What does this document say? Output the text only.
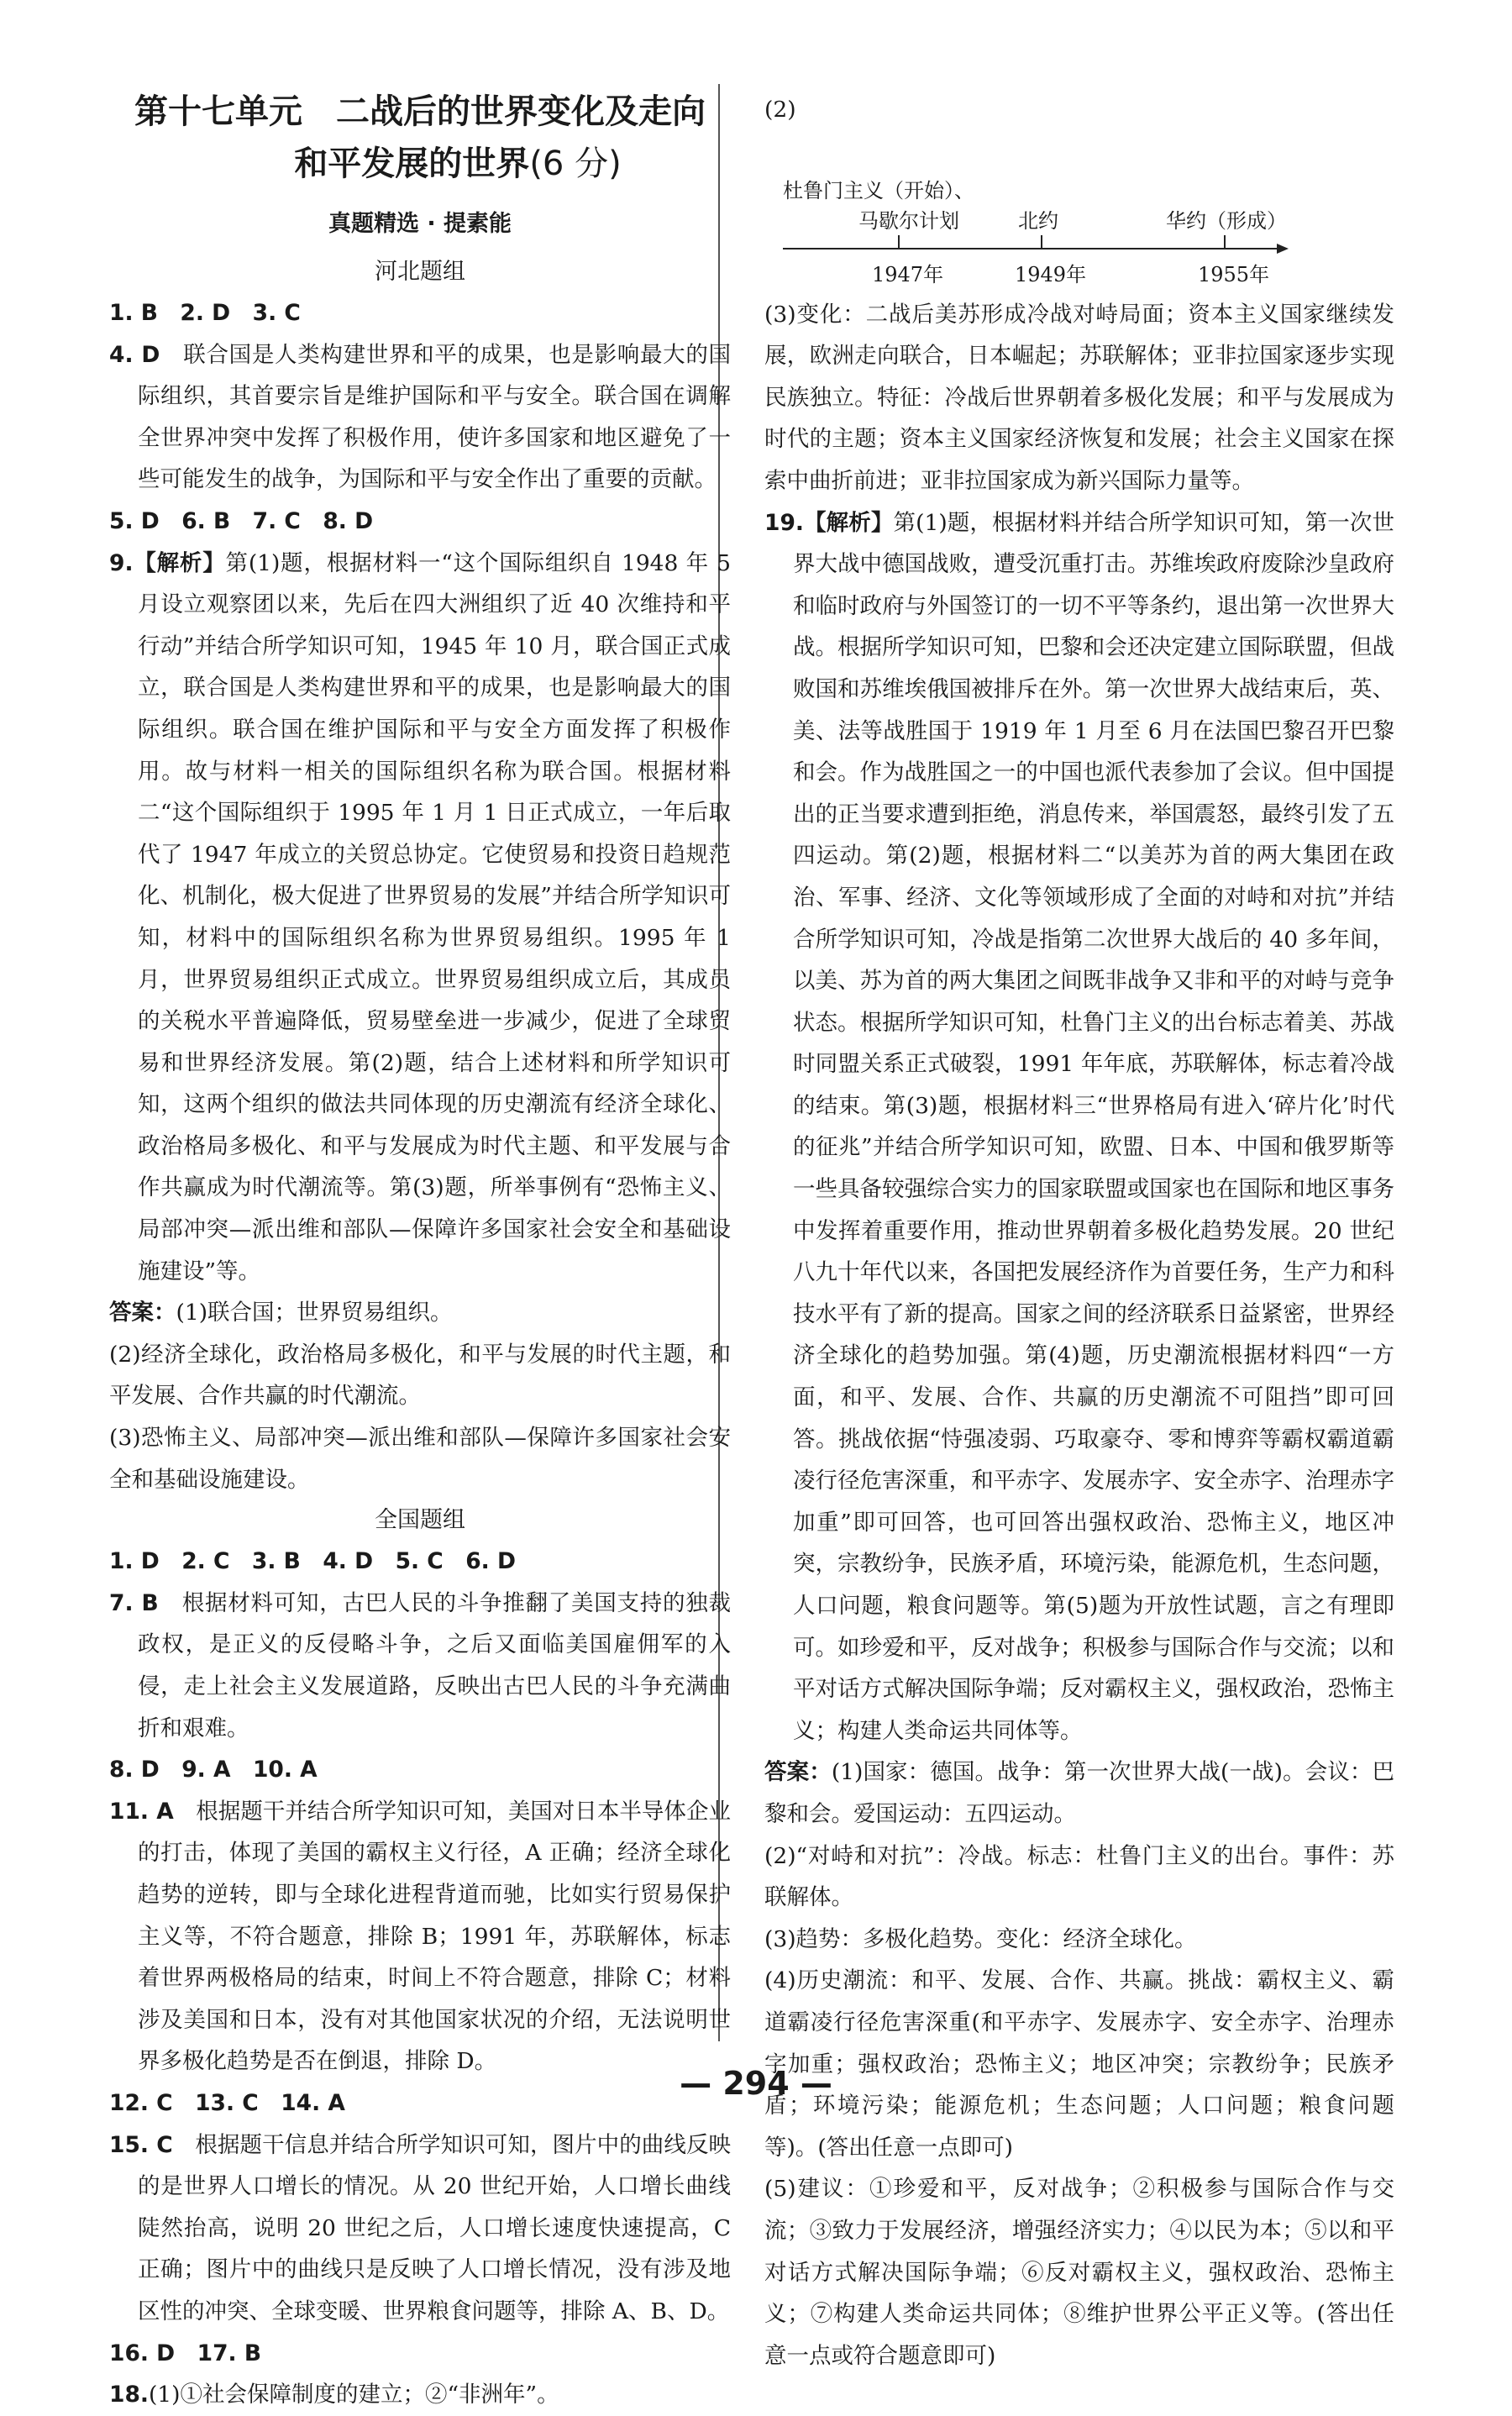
第十七单元　二战后的世界变化及走向
和平发展的世界(6 分)
真题精选 · 提素能
河北题组

1. B　2. D　3. C

4. D　 联合国是人类构建世界和平的成果，也是影响最大的国际组织，其首要宗旨是维护国际和平与安全。联合国在调解全世界冲突中发挥了积极作用，使许多国家和地区避免了一些可能发生的战争，为国际和平与安全作出了重要的贡献。

5. D　6. B　7. C　8. D

9.【解析】第(1)题，根据材料一“这个国际组织自 1948 年 5 月设立观察团以来，先后在四大洲组织了近 40 次维持和平行动”并结合所学知识可知，1945 年 10 月，联合国正式成立，联合国是人类构建世界和平的成果，也是影响最大的国际组织。联合国在维护国际和平与安全方面发挥了积极作用。故与材料一相关的国际组织名称为联合国。根据材料二“这个国际组织于 1995 年 1 月 1 日正式成立，一年后取代了 1947 年成立的关贸总协定。它使贸易和投资日趋规范化、机制化，极大促进了世界贸易的发展”并结合所学知识可知，材料中的国际组织名称为世界贸易组织。1995 年 1 月，世界贸易组织正式成立。世界贸易组织成立后，其成员的关税水平普遍降低，贸易壁垒进一步减少，促进了全球贸易和世界经济发展。第(2)题，结合上述材料和所学知识可知，这两个组织的做法共同体现的历史潮流有经济全球化、政治格局多极化、和平与发展成为时代主题、和平发展与合作共赢成为时代潮流等。第(3)题，所举事例有“恐怖主义、局部冲突—派出维和部队—保障许多国家社会安全和基础设施建设”等。

答案：(1)联合国；世界贸易组织。

(2)经济全球化，政治格局多极化，和平与发展的时代主题，和平发展、合作共赢的时代潮流。

(3)恐怖主义、局部冲突—派出维和部队—保障许多国家社会安全和基础设施建设。

全国题组

1. D　2. C　3. B　4. D　5. C　6. D

7. B　 根据材料可知，古巴人民的斗争推翻了美国支持的独裁政权，是正义的反侵略斗争，之后又面临美国雇佣军的入侵，走上社会主义发展道路，反映出古巴人民的斗争充满曲折和艰难。

8. D　9. A　10. A

11. A　 根据题干并结合所学知识可知，美国对日本半导体企业的打击，体现了美国的霸权主义行径，A 正确；经济全球化趋势的逆转，即与全球化进程背道而驰，比如实行贸易保护主义等，不符合题意，排除 B；1991 年，苏联解体，标志着世界两极格局的结束，时间上不符合题意，排除 C；材料涉及美国和日本，没有对其他国家状况的介绍，无法说明世界多极化趋势是否在倒退，排除 D。

12. C　13. C　14. A

15. C　 根据题干信息并结合所学知识可知，图片中的曲线反映的是世界人口增长的情况。从 20 世纪开始，人口增长曲线陡然抬高，说明 20 世纪之后，人口增长速度快速提高，C 正确；图片中的曲线只是反映了人口增长情况，没有涉及地区性的冲突、全球变暖、世界粮食问题等，排除 A、B、D。

16. D　17. B

18.(1)①社会保障制度的建立；②“非洲年”。

(2)

杜鲁门主义（开始）、
马歇尔计划	北约	华约（形成）
1947年	1949年	1955年

(3)变化：二战后美苏形成冷战对峙局面；资本主义国家继续发展，欧洲走向联合，日本崛起；苏联解体；亚非拉国家逐步实现民族独立。特征：冷战后世界朝着多极化发展；和平与发展成为时代的主题；资本主义国家经济恢复和发展；社会主义国家在探索中曲折前进；亚非拉国家成为新兴国际力量等。

19.【解析】第(1)题，根据材料并结合所学知识可知，第一次世界大战中德国战败，遭受沉重打击。苏维埃政府废除沙皇政府和临时政府与外国签订的一切不平等条约，退出第一次世界大战。根据所学知识可知，巴黎和会还决定建立国际联盟，但战败国和苏维埃俄国被排斥在外。第一次世界大战结束后，英、美、法等战胜国于 1919 年 1 月至 6 月在法国巴黎召开巴黎和会。作为战胜国之一的中国也派代表参加了会议。但中国提出的正当要求遭到拒绝，消息传来，举国震怒，最终引发了五四运动。第(2)题，根据材料二“以美苏为首的两大集团在政治、军事、经济、文化等领域形成了全面的对峙和对抗”并结合所学知识可知，冷战是指第二次世界大战后的 40 多年间，以美、苏为首的两大集团之间既非战争又非和平的对峙与竞争状态。根据所学知识可知，杜鲁门主义的出台标志着美、苏战时同盟关系正式破裂，1991 年年底，苏联解体，标志着冷战的结束。第(3)题，根据材料三“世界格局有进入‘碎片化’时代的征兆”并结合所学知识可知，欧盟、日本、中国和俄罗斯等一些具备较强综合实力的国家联盟或国家也在国际和地区事务中发挥着重要作用，推动世界朝着多极化趋势发展。20 世纪八九十年代以来，各国把发展经济作为首要任务，生产力和科技水平有了新的提高。国家之间的经济联系日益紧密，世界经济全球化的趋势加强。第(4)题，历史潮流根据材料四“一方面，和平、发展、合作、共赢的历史潮流不可阻挡”即可回答。挑战依据“恃强凌弱、巧取豪夺、零和博弈等霸权霸道霸凌行径危害深重，和平赤字、发展赤字、安全赤字、治理赤字加重”即可回答，也可回答出强权政治、恐怖主义，地区冲突，宗教纷争，民族矛盾，环境污染，能源危机，生态问题，人口问题，粮食问题等。第(5)题为开放性试题，言之有理即可。如珍爱和平，反对战争；积极参与国际合作与交流；以和平对话方式解决国际争端；反对霸权主义，强权政治，恐怖主义；构建人类命运共同体等。

答案：(1)国家：德国。战争：第一次世界大战(一战)。会议：巴黎和会。爱国运动：五四运动。

(2)“对峙和对抗”：冷战。标志：杜鲁门主义的出台。事件：苏联解体。

(3)趋势：多极化趋势。变化：经济全球化。

(4)历史潮流：和平、发展、合作、共赢。挑战：霸权主义、霸道霸凌行径危害深重(和平赤字、发展赤字、安全赤字、治理赤字加重；强权政治；恐怖主义；地区冲突；宗教纷争；民族矛盾；环境污染；能源危机；生态问题；人口问题；粮食问题等)。(答出任意一点即可)

(5)建议：①珍爱和平，反对战争；②积极参与国际合作与交流；③致力于发展经济，增强经济实力；④以民为本；⑤以和平对话方式解决国际争端；⑥反对霸权主义，强权政治、恐怖主义；⑦构建人类命运共同体；⑧维护世界公平正义等。(答出任意一点或符合题意即可)

— 294 —
